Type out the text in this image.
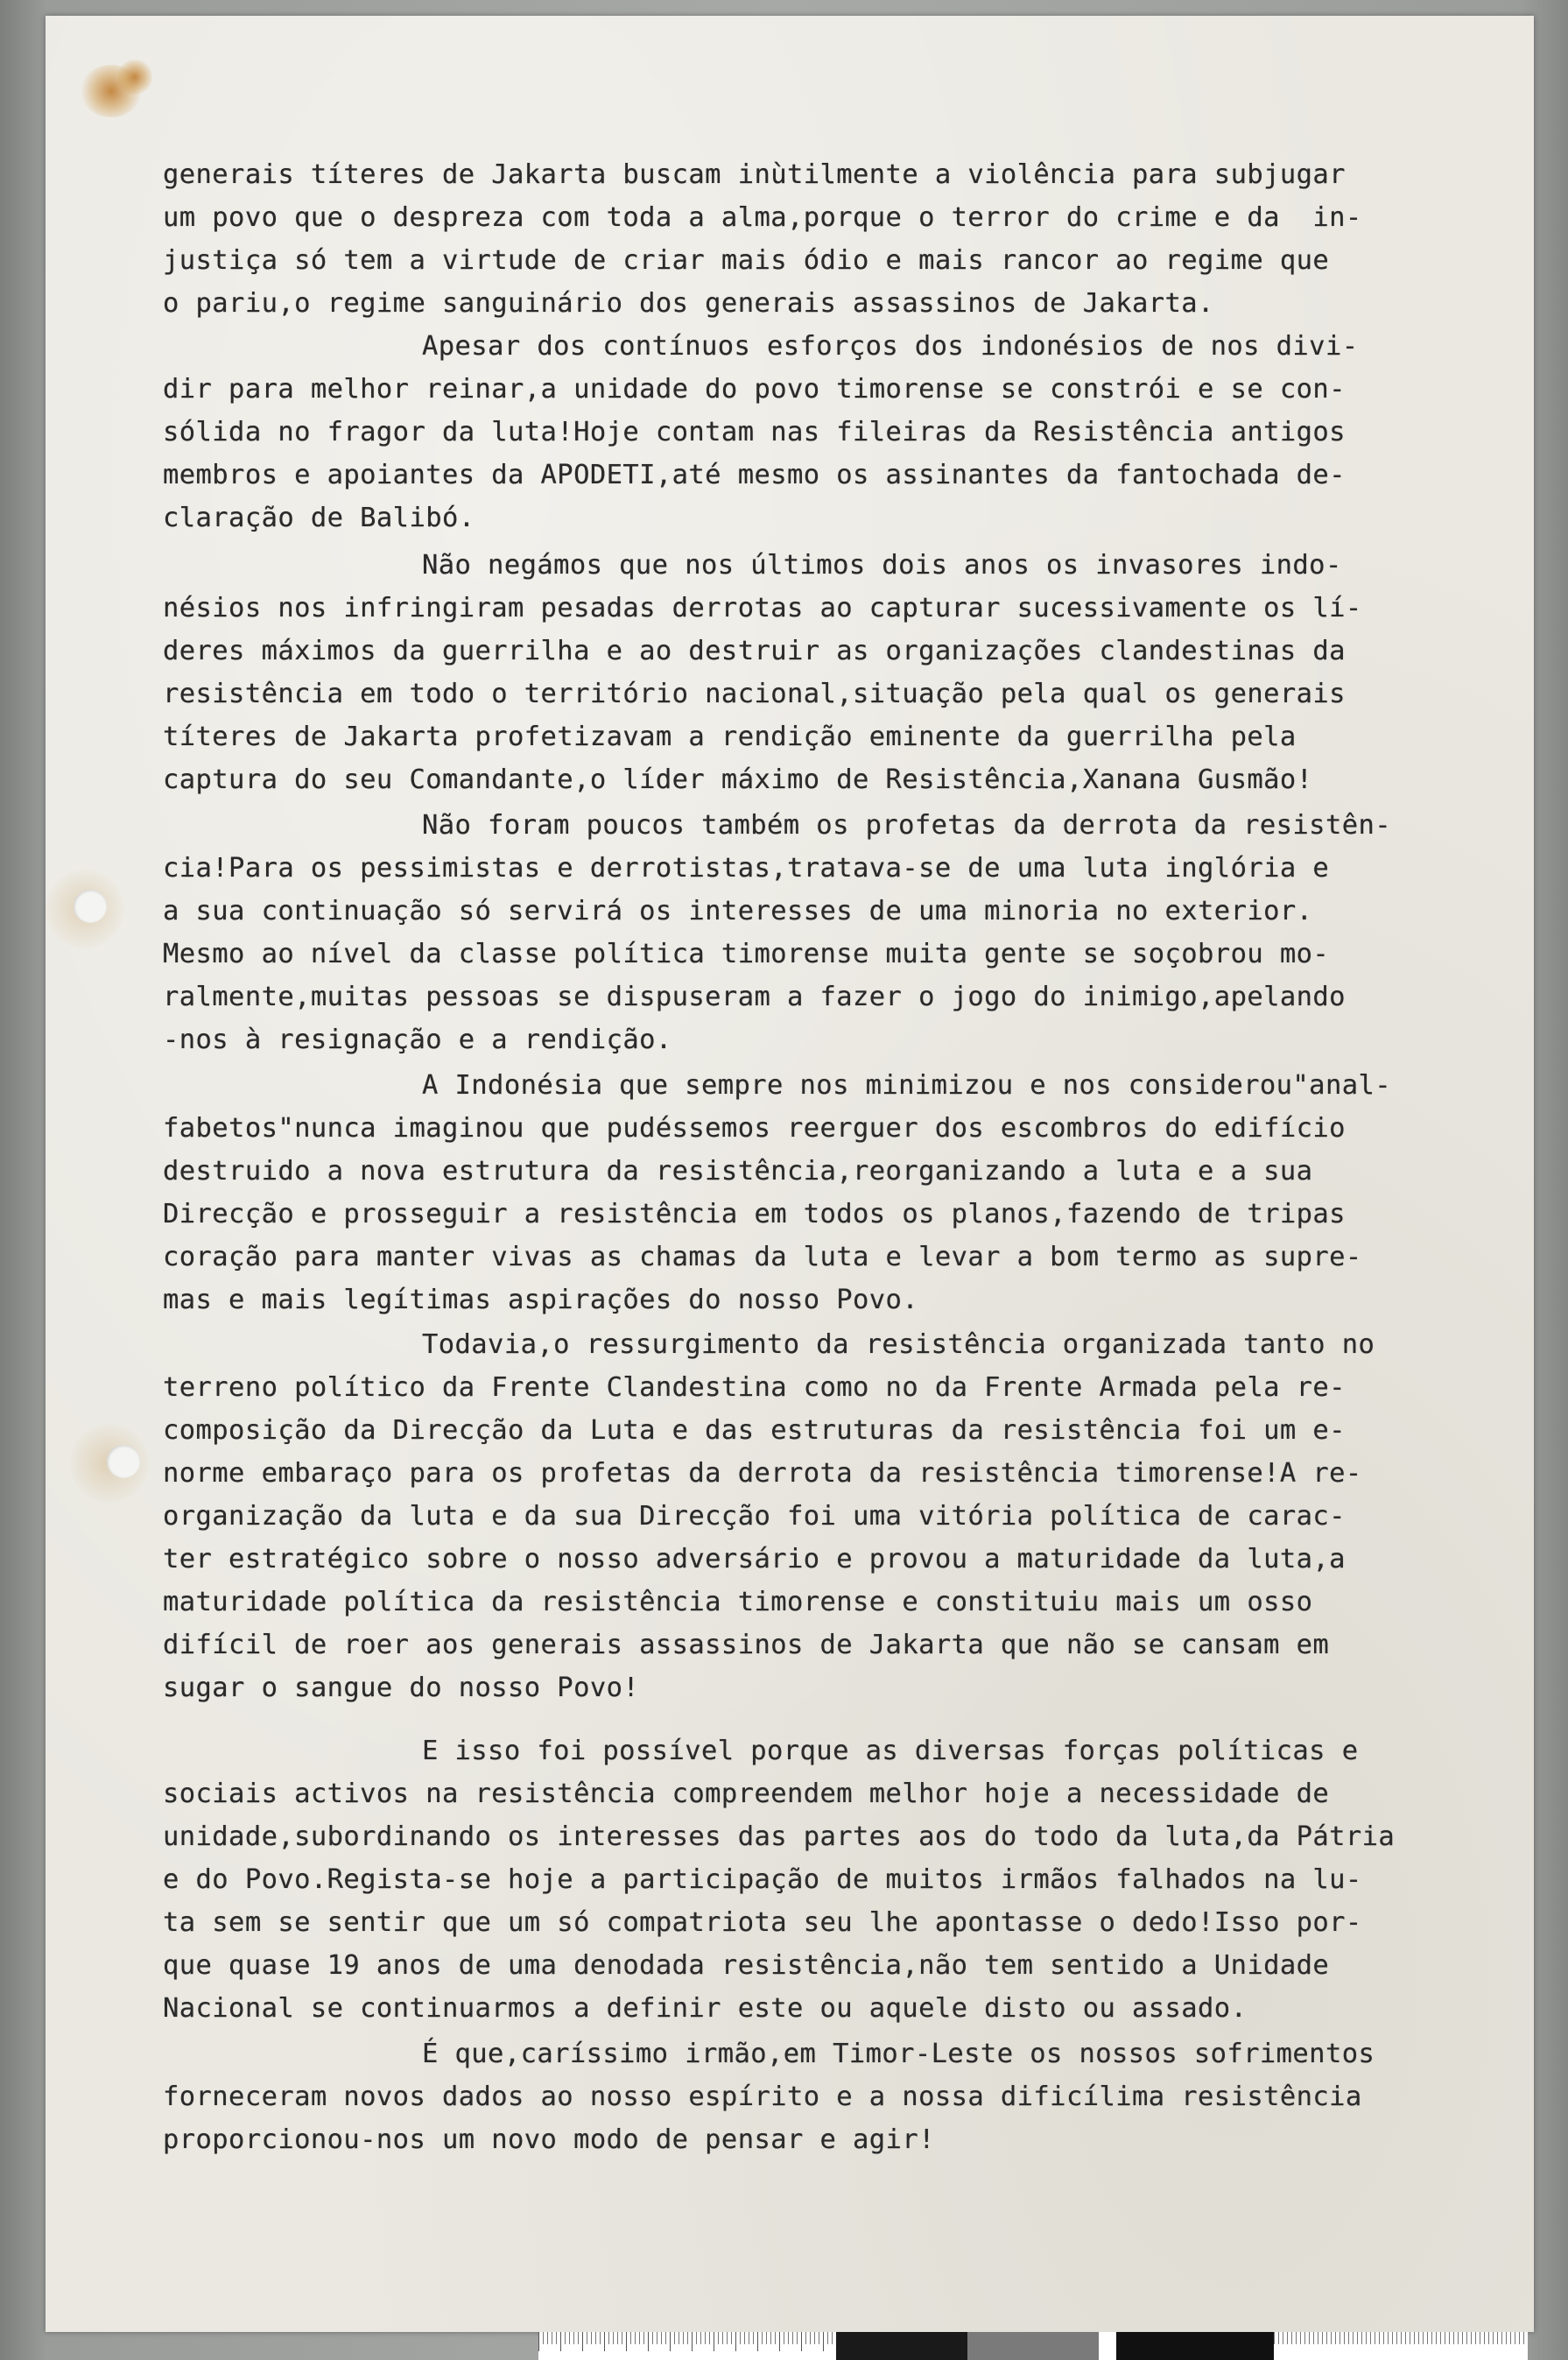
generais títeres de Jakarta buscam inùtilmente a violência para subjugar
um povo que o despreza com toda a alma,porque o terror do crime e da  in-
justiça só tem a virtude de criar mais ódio e mais rancor ao regime que
o pariu,o regime sanguinário dos generais assassinos de Jakarta.
Apesar dos contínuos esforços dos indonésios de nos divi-
dir para melhor reinar,a unidade do povo timorense se constrói e se con-
sólida no fragor da luta!Hoje contam nas fileiras da Resistência antigos
membros e apoiantes da APODETI,até mesmo os assinantes da fantochada de-
claração de Balibó.
Não negámos que nos últimos dois anos os invasores indo-
nésios nos infringiram pesadas derrotas ao capturar sucessivamente os lí-
deres máximos da guerrilha e ao destruir as organizações clandestinas da
resistência em todo o território nacional,situação pela qual os generais
títeres de Jakarta profetizavam a rendição eminente da guerrilha pela
captura do seu Comandante,o líder máximo de Resistência,Xanana Gusmão!
Não foram poucos também os profetas da derrota da resistên-
cia!Para os pessimistas e derrotistas,tratava-se de uma luta inglória e
a sua continuação só servirá os interesses de uma minoria no exterior.
Mesmo ao nível da classe política timorense muita gente se soçobrou mo-
ralmente,muitas pessoas se dispuseram a fazer o jogo do inimigo,apelando
-nos à resignação e a rendição.
A Indonésia que sempre nos minimizou e nos considerou"anal-
fabetos"nunca imaginou que pudéssemos reerguer dos escombros do edifício
destruido a nova estrutura da resistência,reorganizando a luta e a sua
Direcção e prosseguir a resistência em todos os planos,fazendo de tripas
coração para manter vivas as chamas da luta e levar a bom termo as supre-
mas e mais legítimas aspirações do nosso Povo.
Todavia,o ressurgimento da resistência organizada tanto no
terreno político da Frente Clandestina como no da Frente Armada pela re-
composição da Direcção da Luta e das estruturas da resistência foi um e-
norme embaraço para os profetas da derrota da resistência timorense!A re-
organização da luta e da sua Direcção foi uma vitória política de carac-
ter estratégico sobre o nosso adversário e provou a maturidade da luta,a
maturidade política da resistência timorense e constituiu mais um osso
difícil de roer aos generais assassinos de Jakarta que não se cansam em
sugar o sangue do nosso Povo!
E isso foi possível porque as diversas forças políticas e
sociais activos na resistência compreendem melhor hoje a necessidade de
unidade,subordinando os interesses das partes aos do todo da luta,da Pátria
e do Povo.Regista-se hoje a participação de muitos irmãos falhados na lu-
ta sem se sentir que um só compatriota seu lhe apontasse o dedo!Isso por-
que quase 19 anos de uma denodada resistência,não tem sentido a Unidade
Nacional se continuarmos a definir este ou aquele disto ou assado.
É que,caríssimo irmão,em Timor-Leste os nossos sofrimentos
forneceram novos dados ao nosso espírito e a nossa dificílima resistência
proporcionou-nos um novo modo de pensar e agir!
